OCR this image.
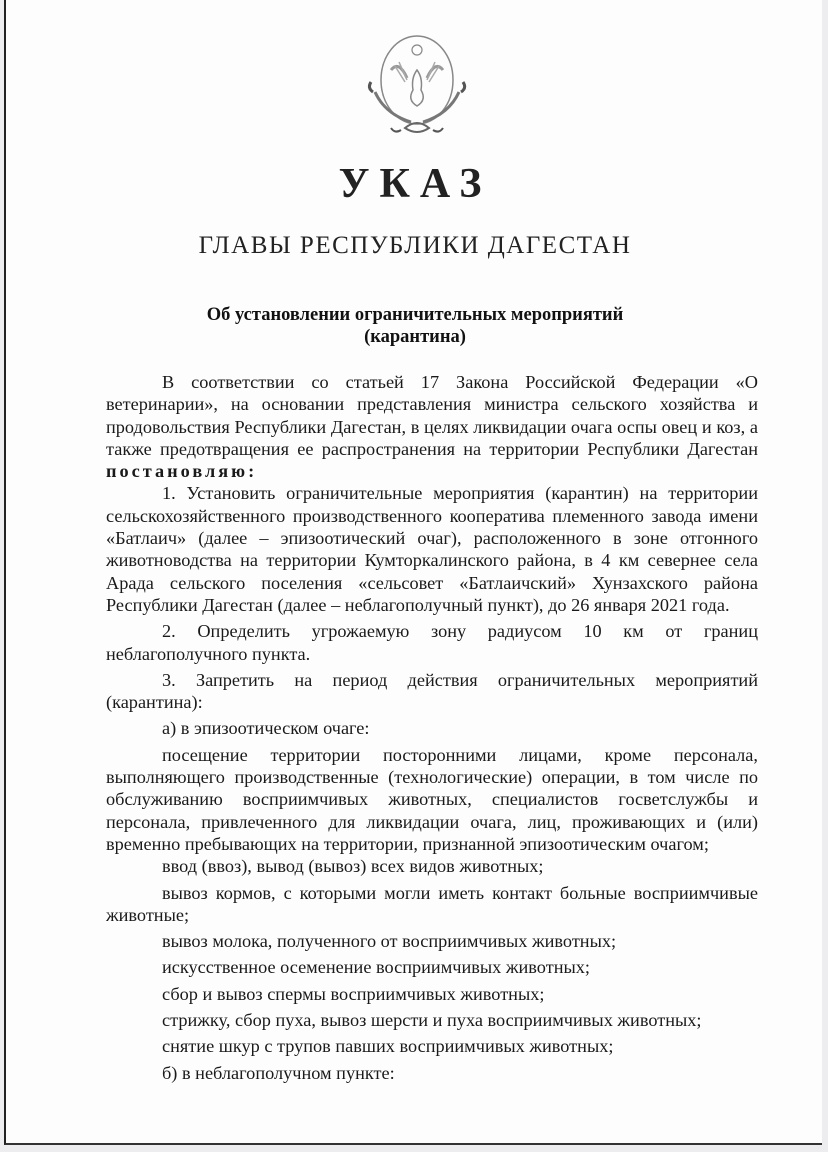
УКАЗ
ГЛАВЫ РЕСПУБЛИКИ ДАГЕСТАН
Об установлении ограничительных мероприятий
(карантина)

В соответствии со статьей 17 Закона Российской Федерации «О ветеринарии», на основании представления министра сельского хозяйства и продовольствия Республики Дагестан, в целях ликвидации очага оспы овец и коз, а также предотвращения ее распространения на территории Республики Дагестан постановляю:

1. Установить ограничительные мероприятия (карантин) на территории сельскохозяйственного производственного кооператива племенного завода имени «Батлаич» (далее – эпизоотический очаг), расположенного в зоне отгонного животноводства на территории Кумторкалинского района, в 4 км севернее села Арада сельского поселения «сельсовет «Батлаичский» Хунзахского района Республики Дагестан (далее – неблагополучный пункт), до 26 января 2021 года.

2. Определить угрожаемую зону радиусом 10 км от границ неблагополучного пункта.

3. Запретить на период действия ограничительных мероприятий (карантина):

а) в эпизоотическом очаге:

посещение территории посторонними лицами, кроме персонала, выполняющего производственные (технологические) операции, в том числе по обслуживанию восприимчивых животных, специалистов госветслужбы и персонала, привлеченного для ликвидации очага, лиц, проживающих и (или) временно пребывающих на территории, признанной эпизоотическим очагом;

ввод (ввоз), вывод (вывоз) всех видов животных;

вывоз кормов, с которыми могли иметь контакт больные восприимчивые животные;

вывоз молока, полученного от восприимчивых животных;

искусственное осеменение восприимчивых животных;

сбор и вывоз спермы восприимчивых животных;

стрижку, сбор пуха, вывоз шерсти и пуха восприимчивых животных;

снятие шкур с трупов павших восприимчивых животных;

б) в неблагополучном пункте:
